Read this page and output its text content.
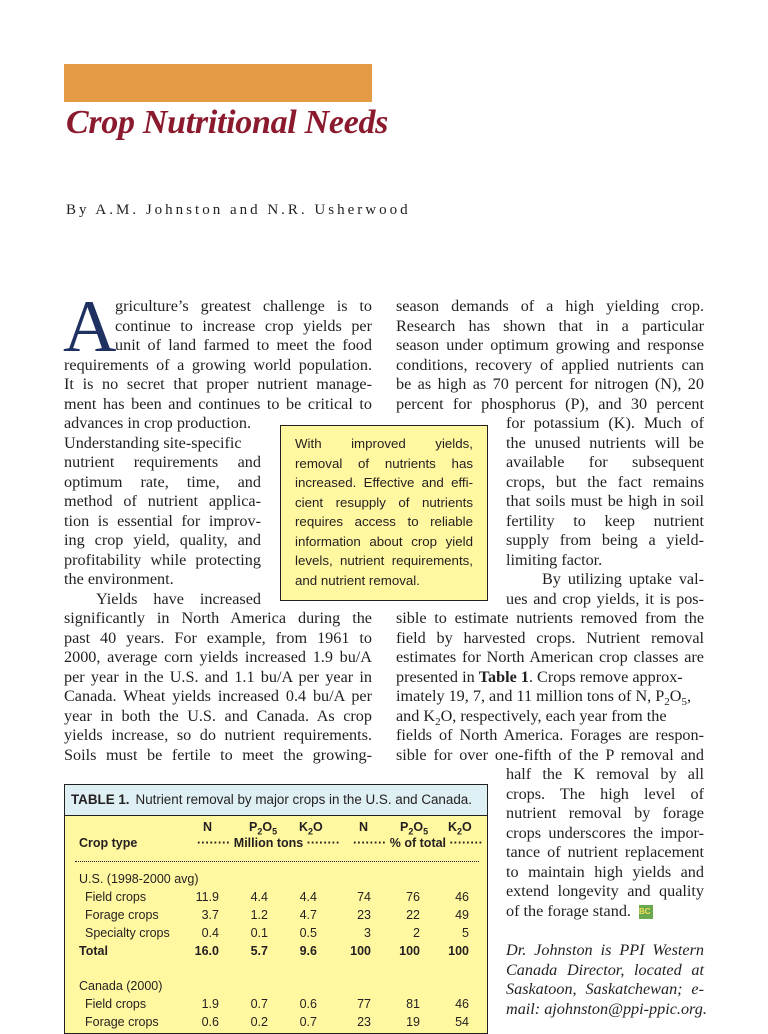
Crop Nutritional Needs
By A.M. Johnston and N.R. Usherwood
A
griculture’s greatest challenge is to
continue to increase crop yields per
unit of land farmed to meet the food
requirements of a growing world population.
It is no secret that proper nutrient manage-
ment has been and continues to be critical to
advances in crop production.
Understanding site-specific
nutrient requirements and
optimum rate, time, and
method of nutrient applica-
tion is essential for improv-
ing crop yield, quality, and
profitability while protecting
the environment.
Yields have increased
significantly in North America during the
past 40 years. For example, from 1961 to
2000, average corn yields increased 1.9 bu/A
per year in the U.S. and 1.1 bu/A per year in
Canada. Wheat yields increased 0.4 bu/A per
year in both the U.S. and Canada. As crop
yields increase, so do nutrient requirements.
Soils must be fertile to meet the growing-
season demands of a high yielding crop.
Research has shown that in a particular
season under optimum growing and response
conditions, recovery of applied nutrients can
be as high as 70 percent for nitrogen (N), 20
percent for phosphorus (P), and 30 percent
for potassium (K). Much of
the unused nutrients will be
available for subsequent
crops, but the fact remains
that soils must be high in soil
fertility to keep nutrient
supply from being a yield-
limiting factor.
By utilizing uptake val-
ues and crop yields, it is pos-
sible to estimate nutrients removed from the
field by harvested crops. Nutrient removal
estimates for North American crop classes are
presented in Table 1. Crops remove approx-
imately 19, 7, and 11 million tons of N, $P_2O_5$,
and $K_2O$, respectively, each year from the
fields of North America. Forages are respon-
sible for over one-fifth of the P removal and
half the K removal by all
crops. The high level of
nutrient removal by forage
crops underscores the impor-
tance of nutrient replacement
to maintain high yields and
extend longevity and quality
of the forage stand. BC
Dr. Johnston is PPI Western
Canada Director, located at
Saskatoon, Saskatchewan; e-
mail: ajohnston@ppi-ppic.org.
With improved yields,
removal of nutrients has
increased. Effective and effi-
cient resupply of nutrients
requires access to reliable
information about crop yield
levels, nutrient requirements,
and nutrient removal.
TABLE 1. Nutrient removal by major crops in the U.S. and Canada.
N	$P_2O_5$ $K_2O$	N	$P_2O_5$ $K_2O$
Crop type	········ Million tons ········ ········ % of total ········
U.S. (1998-2000 avg)
Field crops	11.9	4.4	4.4	74	76	46
Forage crops	3.7	1.2	4.7	23	22	49
Specialty crops	0.4	0.1	0.5	3	2	5
Total	16.0	5.7	9.6	100 100 100
Canada (2000)
Field crops	1.9	0.7	0.6	77	81	46
Forage crops	0.6	0.2	0.7	23	19	54
